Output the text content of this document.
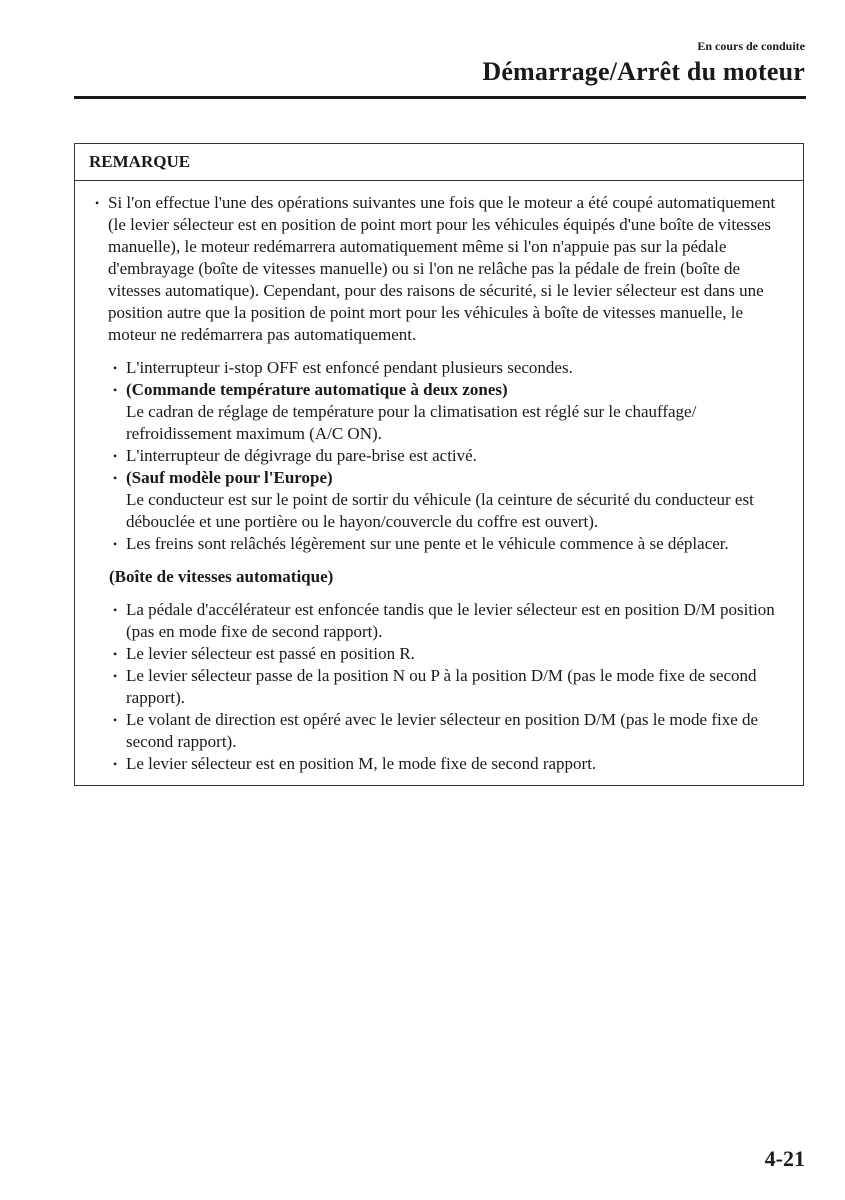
En cours de conduite
Démarrage/Arrêt du moteur
REMARQUE
• Si l'on effectue l'une des opérations suivantes une fois que le moteur a été coupé automatiquement (le levier sélecteur est en position de point mort pour les véhicules équipés d'une boîte de vitesses manuelle), le moteur redémarrera automatiquement même si l'on n'appuie pas sur la pédale d'embrayage (boîte de vitesses manuelle) ou si l'on ne relâche pas la pédale de frein (boîte de vitesses automatique). Cependant, pour des raisons de sécurité, si le levier sélecteur est dans une position autre que la position de point mort pour les véhicules à boîte de vitesses manuelle, le moteur ne redémarrera pas automatiquement.
• L'interrupteur i-stop OFF est enfoncé pendant plusieurs secondes.
• (Commande température automatique à deux zones)
Le cadran de réglage de température pour la climatisation est réglé sur le chauffage/ refroidissement maximum (A/C ON).
• L'interrupteur de dégivrage du pare-brise est activé.
• (Sauf modèle pour l'Europe)
Le conducteur est sur le point de sortir du véhicule (la ceinture de sécurité du conducteur est débouclée et une portière ou le hayon/couvercle du coffre est ouvert).
• Les freins sont relâchés légèrement sur une pente et le véhicule commence à se déplacer.
(Boîte de vitesses automatique)
• La pédale d'accélérateur est enfoncée tandis que le levier sélecteur est en position D/M position (pas en mode fixe de second rapport).
• Le levier sélecteur est passé en position R.
• Le levier sélecteur passe de la position N ou P à la position D/M (pas le mode fixe de second rapport).
• Le volant de direction est opéré avec le levier sélecteur en position D/M (pas le mode fixe de second rapport).
• Le levier sélecteur est en position M, le mode fixe de second rapport.
4-21
